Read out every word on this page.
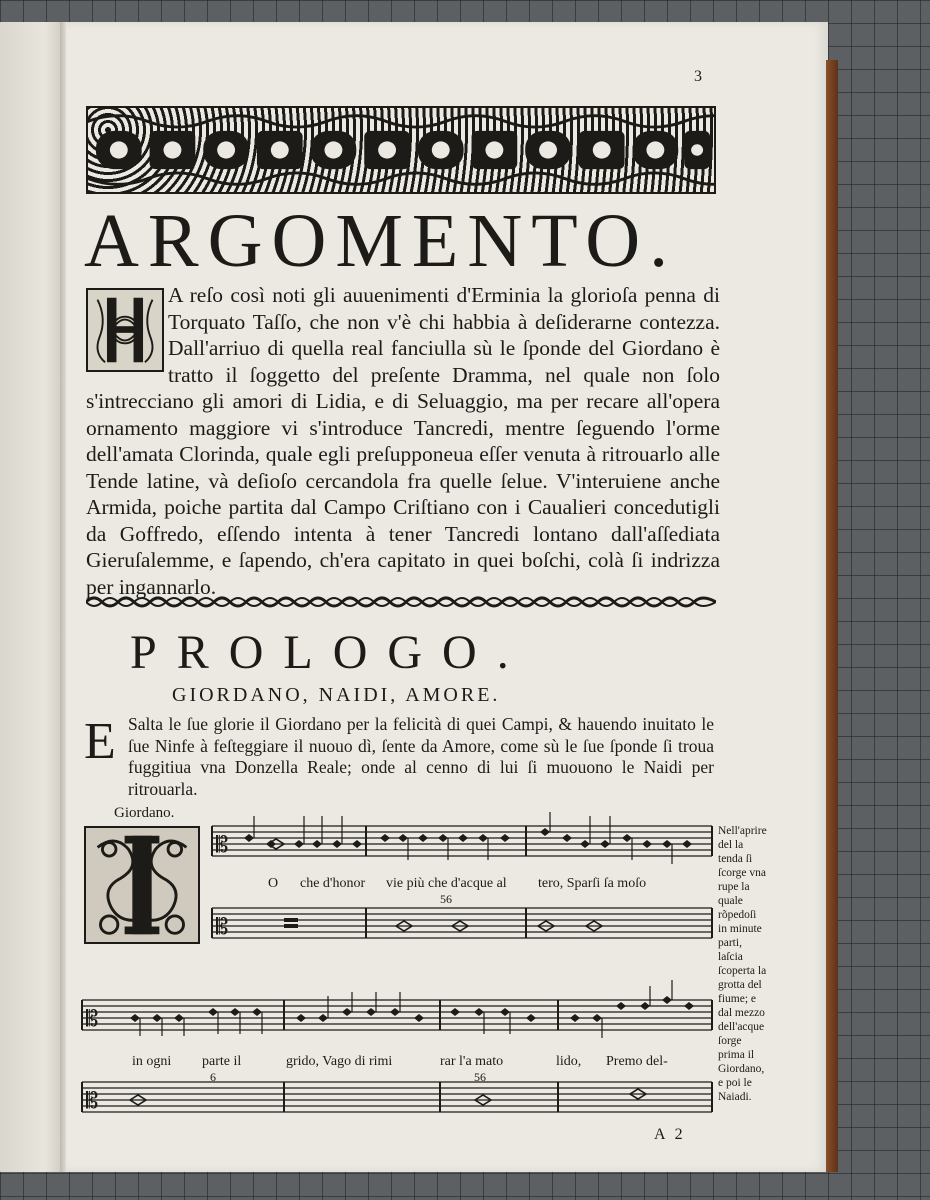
3
ARGOMENTO.

A reſo così noti gli auuenimenti d'Erminia la glorioſa penna di Torquato Taſſo, che non v'è chi habbia à deſiderarne contezza. Dall'arriuo di quella real fanciulla sù le ſponde del Giordano è tratto il ſoggetto del preſente Dramma, nel quale non ſolo s'intrecciano gli amori di Lidia, e di Seluaggio, ma per recare all'opera ornamento maggiore vi s'introduce Tancredi, mentre ſeguendo l'orme dell'amata Clorinda, quale egli preſupponeua eſſer venuta à ritrouarlo alle Tende latine, và deſioſo cercandola fra quelle ſelue. V'interuiene anche Armida, poiche partita dal Campo Criſtiano con i Caualieri concedutigli da Goffredo, eſſendo intenta à tener Tancredi lontano dall'aſſediata Gieruſalemme, e ſapendo, ch'era capitato in quei boſchi, colà ſi indrizza per ingannarlo.

PROLOGO.
GIORDANO, NAIDI, AMORE.
E Salta le ſue glorie il Giordano per la felicità di quei Campi, & hauendo inuitato le ſue Ninfe à feſteggiare il nuouo dì, ſente da Amore, come sù le ſue ſponde ſi troua fuggitiua vna Donzella Reale; onde al cenno di lui ſi muouono le Naidi per ritrouarla.

Giordano.
𝄡
𝄡
𝄡
𝄡
O che d'honor vie più che d'acque al tero, Sparſi ſa moſo
56
in ogni parte il	grido, Vago di rimi	rar l'a mato	lido, Premo del-
6	56

Nell'aprire del la tenda ſi ſcorge vna rupe la quale rõpedoſi in minute parti, laſcia ſcoperta la grotta del fiume; e dal mezzo dell'acque ſorge prima il Giordano, e poi le Naiadi.

A 2
